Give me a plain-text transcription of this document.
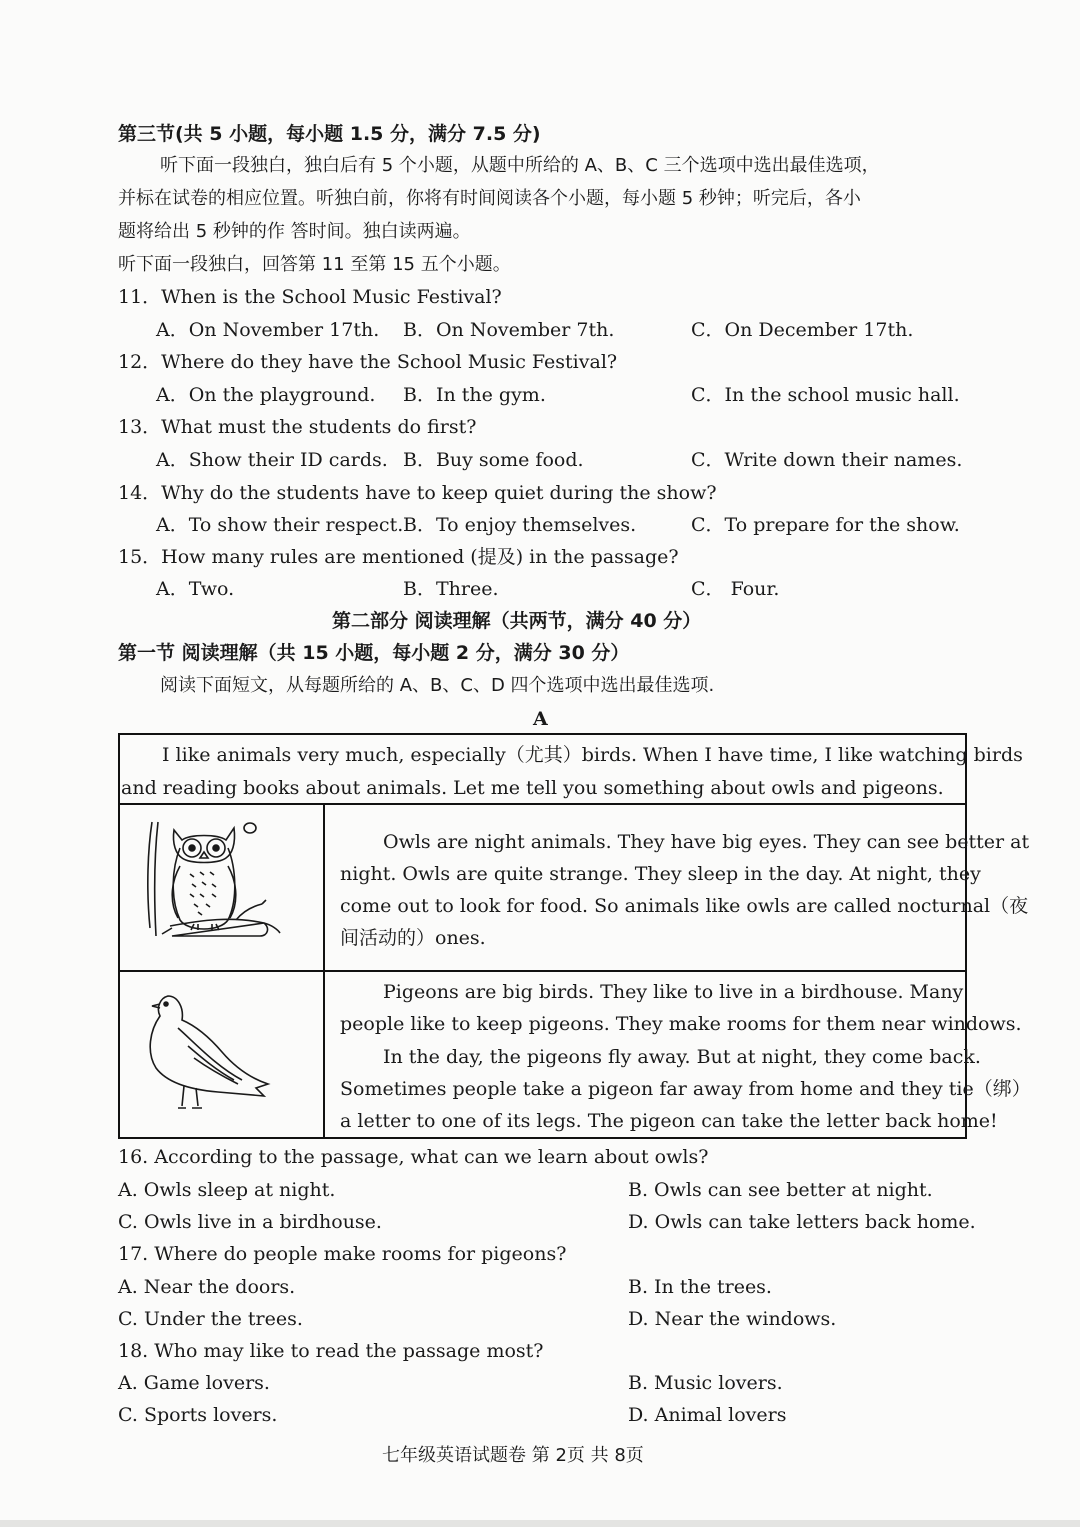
第三节(共 5 小题，每小题 1.5 分，满分 7.5 分)
听下面一段独白，独白后有 5 个小题，从题中所给的 A、B、C 三个选项中选出最佳选项，
并标在试卷的相应位置。听独白前，你将有时间阅读各个小题，每小题 5 秒钟；听完后，各小
题将给出 5 秒钟的作 答时间。独白读两遍。
听下面一段独白，回答第 11 至第 15 五个小题。
11．When is the School Music Festival?
A．On November 17th. B．On November 7th.	C．On December 17th.
12．Where do they have the School Music Festival?
A．On the playground. B．In the gym.	C．In the school music hall.
13．What must the students do first?
A．Show their ID cards. B．Buy some food.	C．Write down their names.
14．Why do the students have to keep quiet during the show?
A．To show their respect. B．To enjoy themselves.	C．To prepare for the show.
15．How many rules are mentioned (提及) in the passage?
A．Two.	B．Three.	C． Four.
第二部分 阅读理解（共两节，满分 40 分）
第一节 阅读理解（共 15 小题，每小题 2 分，满分 30 分）
阅读下面短文，从每题所给的 A、B、C、D 四个选项中选出最佳选项.
A
I like animals very much, especially（尤其）birds. When I have time, I like watching birds
and reading books about animals. Let me tell you something about owls and pigeons.
Owls are night animals. They have big eyes. They can see better at
night. Owls are quite strange. They sleep in the day. At night, they
come out to look for food. So animals like owls are called nocturnal（夜
间活动的）ones.
Pigeons are big birds. They like to live in a birdhouse. Many
people like to keep pigeons. They make rooms for them near windows.
In the day, the pigeons fly away. But at night, they come back.
Sometimes people take a pigeon far away from home and they tie（绑）
a letter to one of its legs. The pigeon can take the letter back home!
16. According to the passage, what can we learn about owls?
A. Owls sleep at night.	B. Owls can see better at night.
C. Owls live in a birdhouse.	D. Owls can take letters back home.
17. Where do people make rooms for pigeons?
A. Near the doors.	B. In the trees.
C. Under the trees.	D. Near the windows.
18. Who may like to read the passage most?
A. Game lovers.	B. Music lovers.
C. Sports lovers.	D. Animal lovers
七年级英语试题卷 第 2页 共 8页
